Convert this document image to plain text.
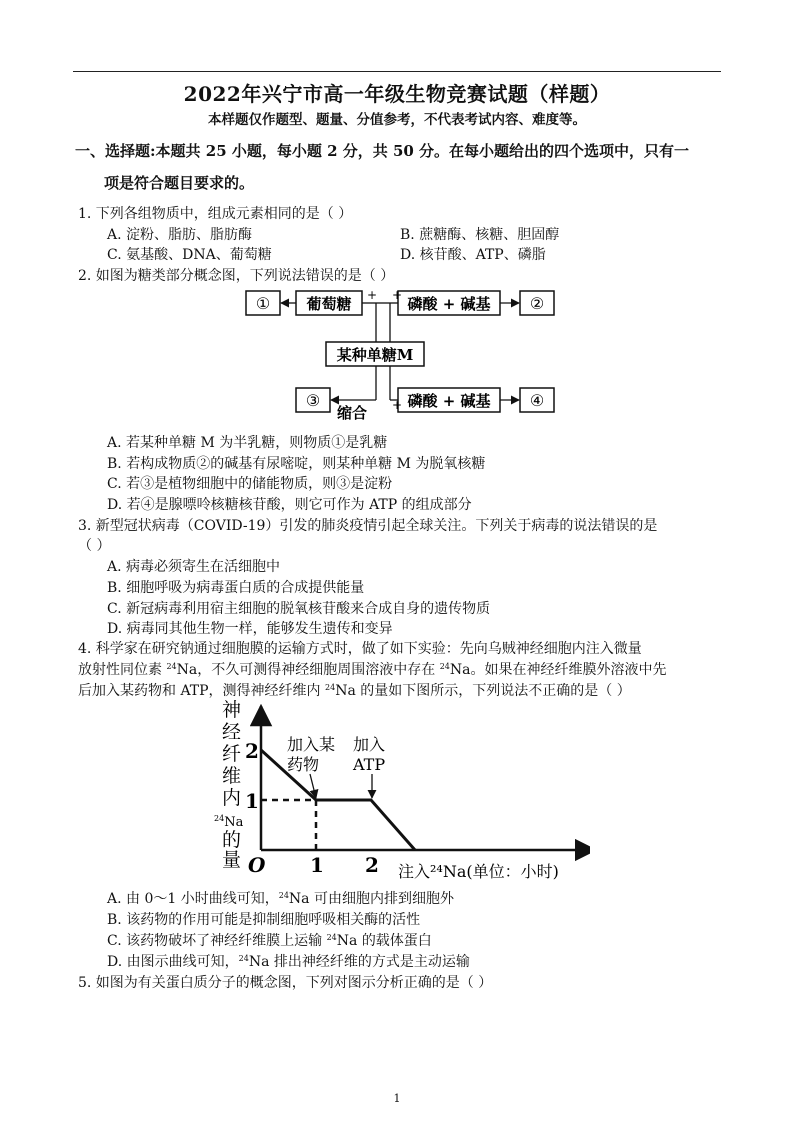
2022年兴宁市高一年级生物竞赛试题（样题）
本样题仅作题型、题量、分值参考，不代表考试内容、难度等。
一、选择题:本题共 25 小题，每小题 2 分，共 50 分。在每小题给出的四个选项中，只有一
项是符合题目要求的。
1. 下列各组物质中，组成元素相同的是（ ）
A. 淀粉、脂肪、脂肪酶	B. 蔗糖酶、核糖、胆固醇
C. 氨基酸、DNA、葡萄糖	D. 核苷酸、ATP、磷脂
2. 如图为糖类部分概念图，下列说法错误的是（ ）
① 葡萄糖	磷酸 + 碱基 ②
某种单糖M
③	磷酸 + 碱基 ④
+ +
+
缩合
A. 若某种单糖 M 为半乳糖，则物质①是乳糖
B. 若构成物质②的碱基有尿嘧啶，则某种单糖 M 为脱氧核糖
C. 若③是植物细胞中的储能物质，则③是淀粉
D. 若④是腺嘌呤核糖核苷酸，则它可作为 ATP 的组成部分
3. 新型冠状病毒（COVID-19）引发的肺炎疫情引起全球关注。下列关于病毒的说法错误的是
（ ）
A. 病毒必须寄生在活细胞中
B. 细胞呼吸为病毒蛋白质的合成提供能量
C. 新冠病毒利用宿主细胞的脱氧核苷酸来合成自身的遗传物质
D. 病毒同其他生物一样，能够发生遗传和变异
4. 科学家在研究钠通过细胞膜的运输方式时，做了如下实验：先向乌贼神经细胞内注入微量
放射性同位素 $^{24}$Na，不久可测得神经细胞周围溶液中存在 $^{24}$Na。如果在神经纤维膜外溶液中先
后加入某药物和 ATP，测得神经纤维内 $^{24}$Na 的量如下图所示，下列说法不正确的是（ ）
神
经
纤
维
内
$^{24}$Na
的
量	1 2
1
2
O	注入²⁴Na(单位：小时)
加入某
药物
加入
ATP
A. 由 0～1 小时曲线可知，$^{24}$Na 可由细胞内排到细胞外
B. 该药物的作用可能是抑制细胞呼吸相关酶的活性
C. 该药物破坏了神经纤维膜上运输 $^{24}$Na 的载体蛋白
D. 由图示曲线可知，$^{24}$Na 排出神经纤维的方式是主动运输
5. 如图为有关蛋白质分子的概念图，下列对图示分析正确的是（ ）
1
